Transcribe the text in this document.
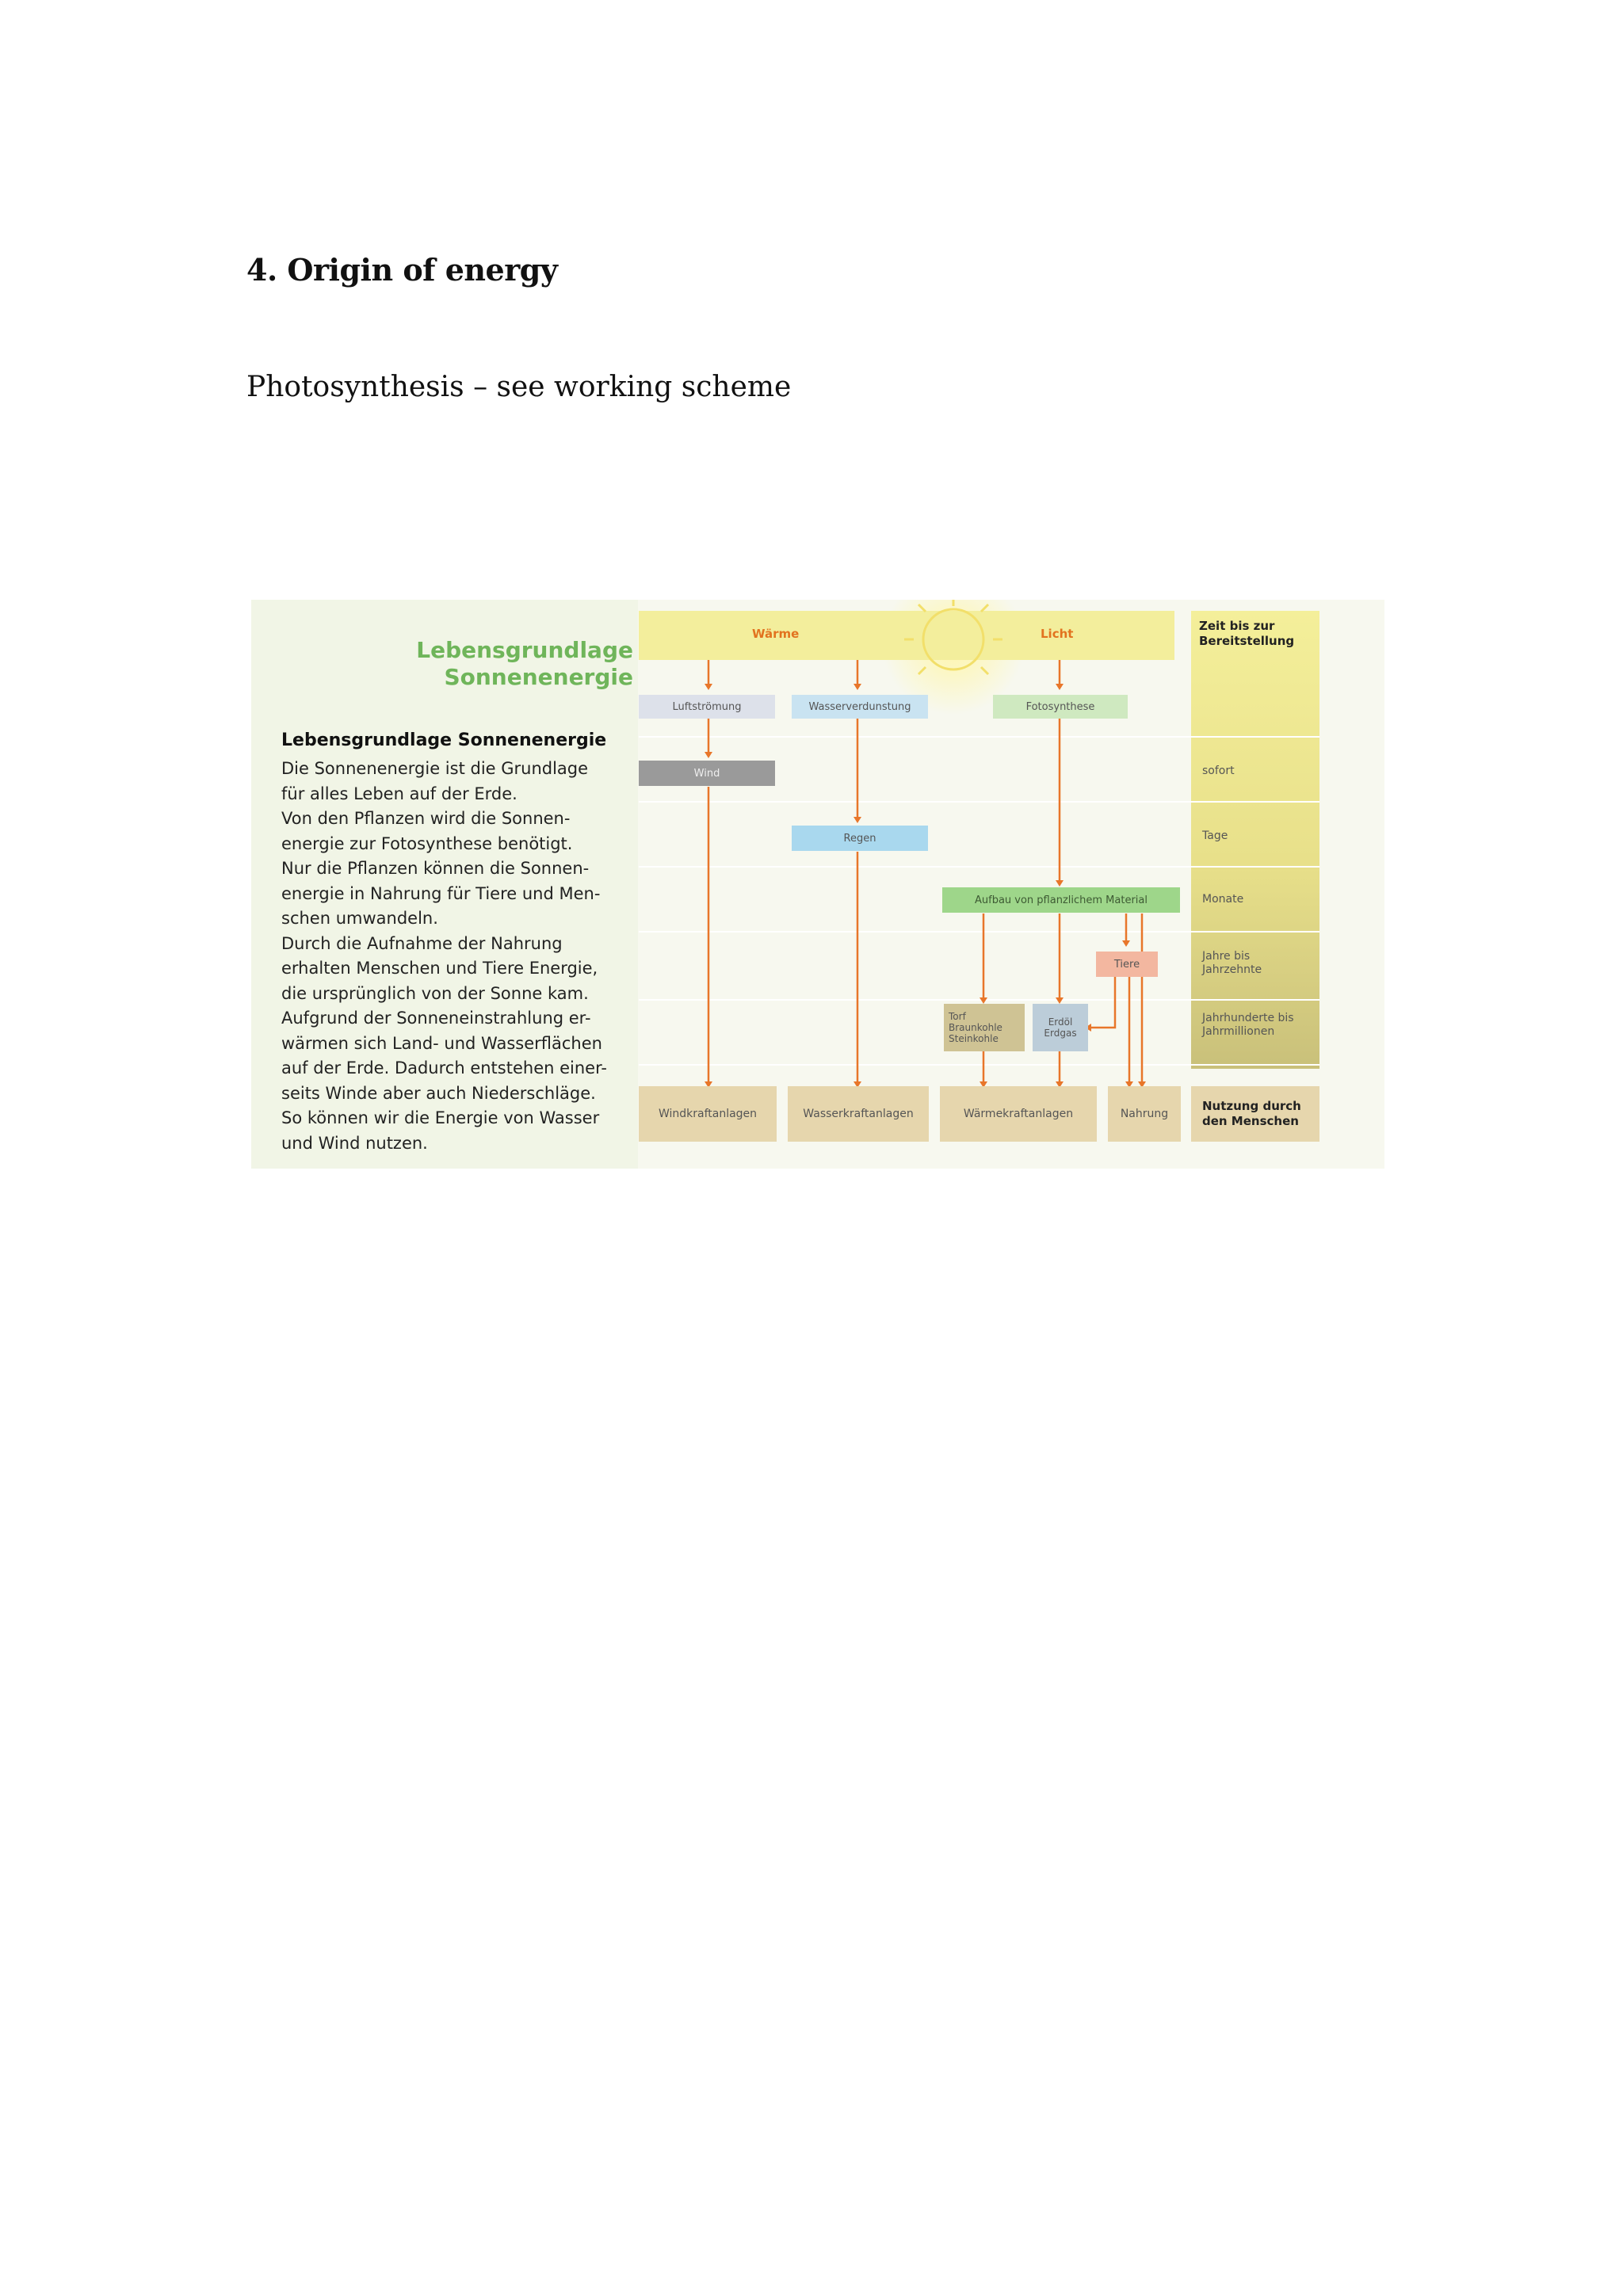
4. Origin of energy

Photosynthesis – see working scheme

Lebensgrundlage
Sonnenenergie

Lebensgrundlage Sonnenenergie

Die Sonnenenergie ist die Grundlage
für alles Leben auf der Erde.
Von den Pflanzen wird die Sonnen-
energie zur Fotosynthese benötigt.
Nur die Pflanzen können die Sonnen-
energie in Nahrung für Tiere und Men-
schen umwandeln.
Durch die Aufnahme der Nahrung
erhalten Menschen und Tiere Energie,
die ursprünglich von der Sonne kam.
Aufgrund der Sonneneinstrahlung er-
wärmen sich Land- und Wasserflächen
auf der Erde. Dadurch entstehen einer-
seits Winde aber auch Niederschläge.
So können wir die Energie von Wasser
und Wind nutzen.
Wärme	Licht
Zeit bis zur
Bereitstellung
Luftströmung	Wasserverdunstung	Fotosynthese
Wind
Regen
Aufbau von pflanzlichem Material
Tiere
Torf
Braunkohle
Steinkohle
Erdöl
Erdgas
sofort
Tage
Monate
Jahre bis
Jahrzehnte
Jahrhunderte bis
Jahrmillionen
Windkraftanlagen	Wasserkraftanlagen	Wärmekraftanlagen	Nahrung
Nutzung durch
den Menschen
